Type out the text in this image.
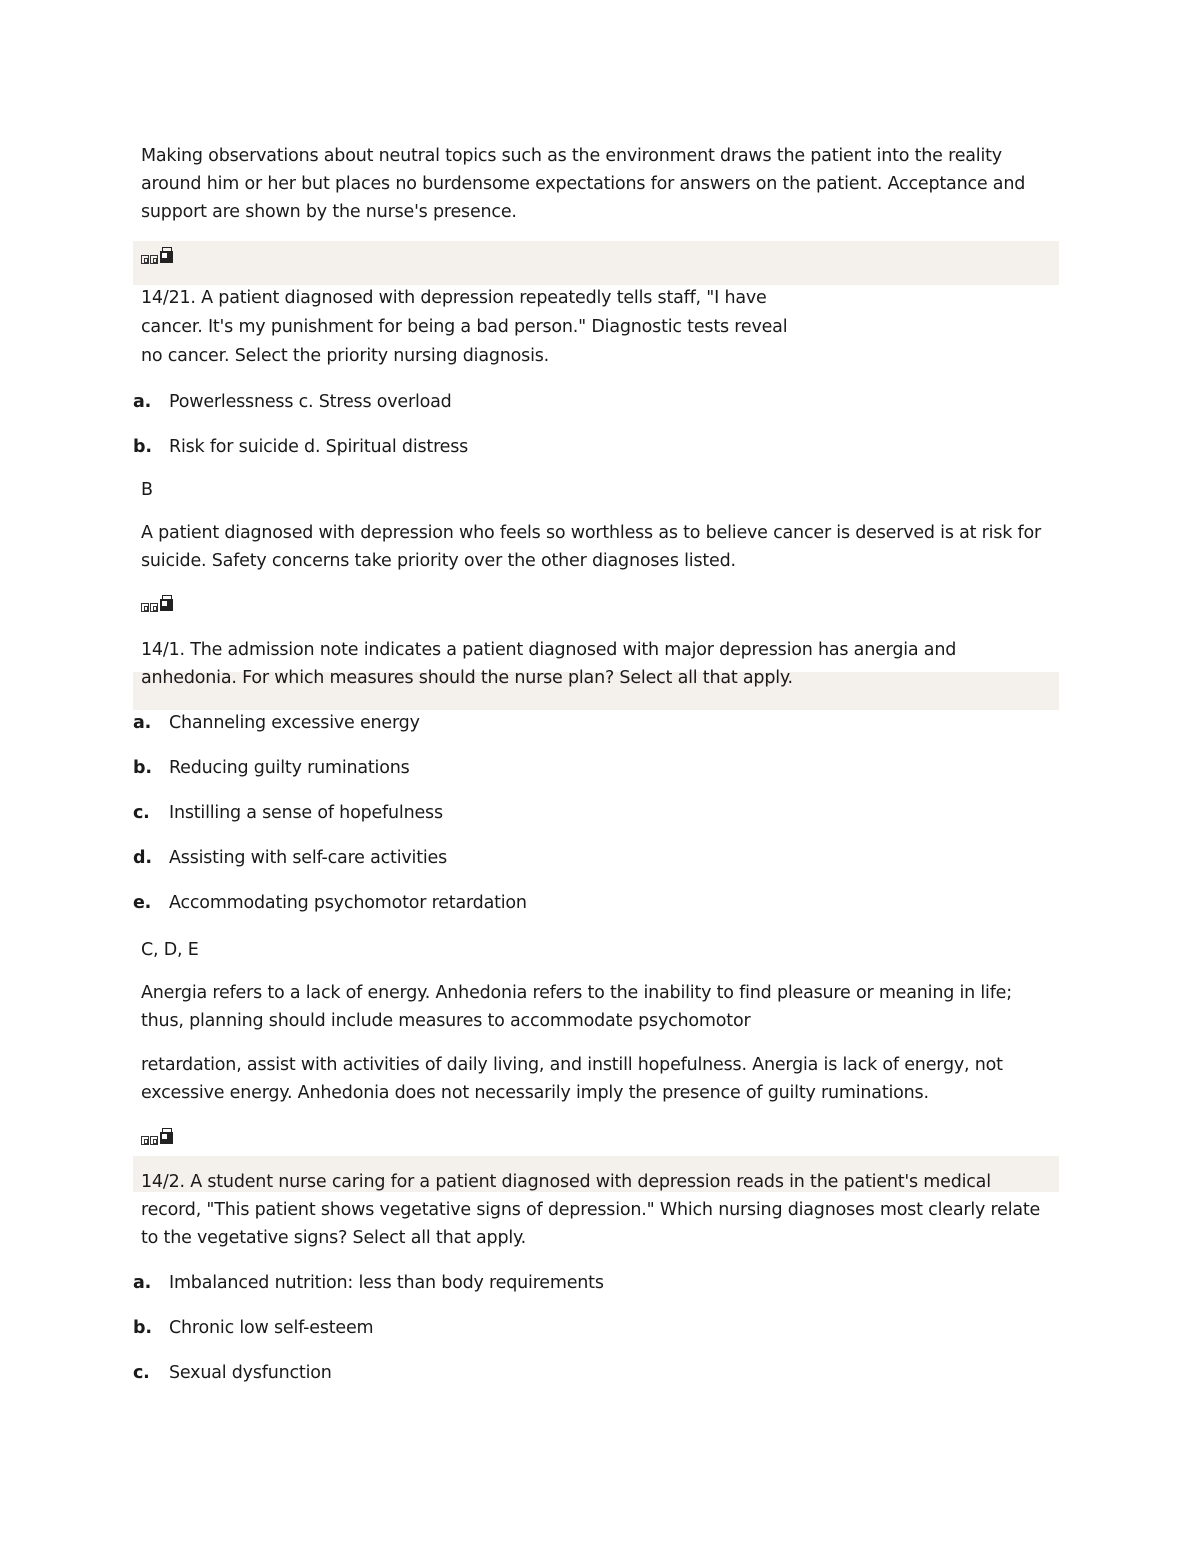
Making observations about neutral topics such as the environment draws the patient into the reality

around him or her but places no burdensome expectations for answers on the patient. Acceptance and

support are shown by the nurse's presence.

14/21. A patient diagnosed with depression repeatedly tells staff, "I have

cancer. It's my punishment for being a bad person." Diagnostic tests reveal

no cancer. Select the priority nursing diagnosis.

a. Powerlessness c. Stress overload
b. Risk for suicide d. Spiritual distress

B

A patient diagnosed with depression who feels so worthless as to believe cancer is deserved is at risk for

suicide. Safety concerns take priority over the other diagnoses listed.

14/1. The admission note indicates a patient diagnosed with major depression has anergia and

anhedonia. For which measures should the nurse plan? Select all that apply.

a. Channeling excessive energy
b. Reducing guilty ruminations
c. Instilling a sense of hopefulness
d. Assisting with self-care activities
e. Accommodating psychomotor retardation

C, D, E

Anergia refers to a lack of energy. Anhedonia refers to the inability to find pleasure or meaning in life;

thus, planning should include measures to accommodate psychomotor

retardation, assist with activities of daily living, and instill hopefulness. Anergia is lack of energy, not

excessive energy. Anhedonia does not necessarily imply the presence of guilty ruminations.

14/2. A student nurse caring for a patient diagnosed with depression reads in the patient's medical

record, "This patient shows vegetative signs of depression." Which nursing diagnoses most clearly relate

to the vegetative signs? Select all that apply.

a. Imbalanced nutrition: less than body requirements
b. Chronic low self-esteem
c. Sexual dysfunction
